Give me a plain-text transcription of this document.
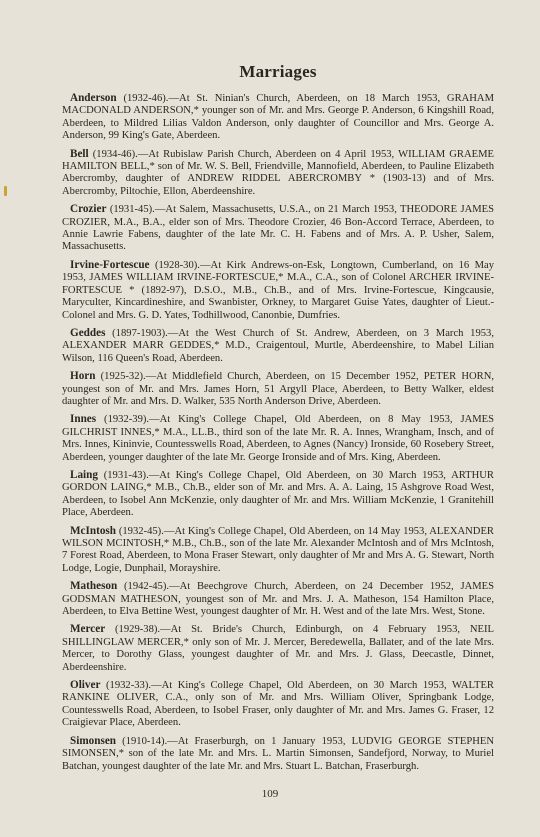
Marriages

Anderson (1932-46).—At St. Ninian's Church, Aberdeen, on 18 March 1953, GRAHAM MACDONALD ANDERSON,* younger son of Mr. and Mrs. George P. Anderson, 6 Kingshill Road, Aberdeen, to Mildred Lilias Valdon Anderson, only daughter of Councillor and Mrs. George A. Anderson, 99 King's Gate, Aberdeen.

Bell (1934-46).—At Rubislaw Parish Church, Aberdeen on 4 April 1953, WILLIAM GRAEME HAMILTON BELL,* son of Mr. W. S. Bell, Friendville, Mannofield, Aberdeen, to Pauline Elizabeth Abercromby, daughter of ANDREW RIDDEL ABERCROMBY * (1903-13) and of Mrs. Abercromby, Piltochie, Ellon, Aberdeenshire.

Crozier (1931-45).—At Salem, Massachusetts, U.S.A., on 21 March 1953, THEODORE JAMES CROZIER, M.A., B.A., elder son of Mrs. Theodore Crozier, 46 Bon-Accord Terrace, Aberdeen, to Annie Lawrie Fabens, daughter of the late Mr. C. H. Fabens and of Mrs. A. P. Usher, Salem, Massachusetts.

Irvine-Fortescue (1928-30).—At Kirk Andrews-on-Esk, Longtown, Cumberland, on 16 May 1953, JAMES WILLIAM IRVINE-FORTESCUE,* M.A., C.A., son of Colonel ARCHER IRVINE-FORTESCUE * (1892-97), D.S.O., M.B., Ch.B., and of Mrs. Irvine-Fortescue, Kingcausie, Maryculter, Kincardineshire, and Swanbister, Orkney, to Margaret Guise Yates, daughter of Lieut.-Colonel and Mrs. G. D. Yates, Todhillwood, Canonbie, Dumfries.

Geddes (1897-1903).—At the West Church of St. Andrew, Aberdeen, on 3 March 1953, ALEXANDER MARR GEDDES,* M.D., Craigentoul, Murtle, Aberdeenshire, to Mabel Lilian Wilson, 116 Queen's Road, Aberdeen.

Horn (1925-32).—At Middlefield Church, Aberdeen, on 15 December 1952, PETER HORN, youngest son of Mr. and Mrs. James Horn, 51 Argyll Place, Aberdeen, to Betty Walker, eldest daughter of Mr. and Mrs. D. Walker, 535 North Anderson Drive, Aberdeen.

Innes (1932-39).—At King's College Chapel, Old Aberdeen, on 8 May 1953, JAMES GILCHRIST INNES,* M.A., LL.B., third son of the late Mr. R. A. Innes, Wrangham, Insch, and of Mrs. Innes, Kininvie, Countesswells Road, Aberdeen, to Agnes (Nancy) Ironside, 60 Rosebery Street, Aberdeen, younger daughter of the late Mr. George Ironside and of Mrs. King, Aberdeen.

Laing (1931-43).—At King's College Chapel, Old Aberdeen, on 30 March 1953, ARTHUR GORDON LAING,* M.B., Ch.B., elder son of Mr. and Mrs. A. A. Laing, 15 Ashgrove Road West, Aberdeen, to Isobel Ann McKenzie, only daughter of Mr. and Mrs. William McKenzie, 1 Granitehill Place, Aberdeen.

McIntosh (1932-45).—At King's College Chapel, Old Aberdeen, on 14 May 1953, ALEXANDER WILSON MCINTOSH,* M.B., Ch.B., son of the late Mr. Alexander McIntosh and of Mrs McIntosh, 7 Forest Road, Aberdeen, to Mona Fraser Stewart, only daughter of Mr and Mrs A. G. Stewart, North Lodge, Logie, Dunphail, Morayshire.

Matheson (1942-45).—At Beechgrove Church, Aberdeen, on 24 December 1952, JAMES GODSMAN MATHESON, youngest son of Mr. and Mrs. J. A. Matheson, 154 Hamilton Place, Aberdeen, to Elva Bettine West, youngest daughter of Mr. H. West and of the late Mrs. West, Stone.

Mercer (1929-38).—At St. Bride's Church, Edinburgh, on 4 February 1953, NEIL SHILLINGLAW MERCER,* only son of Mr. J. Mercer, Beredewella, Ballater, and of the late Mrs. Mercer, to Dorothy Glass, youngest daughter of Mr. and Mrs. J. Glass, Deecastle, Dinnet, Aberdeenshire.

Oliver (1932-33).—At King's College Chapel, Old Aberdeen, on 30 March 1953, WALTER RANKINE OLIVER, C.A., only son of Mr. and Mrs. William Oliver, Springbank Lodge, Countesswells Road, Aberdeen, to Isobel Fraser, only daughter of Mr. and Mrs. James G. Fraser, 12 Craigievar Place, Aberdeen.

Simonsen (1910-14).—At Fraserburgh, on 1 January 1953, LUDVIG GEORGE STEPHEN SIMONSEN,* son of the late Mr. and Mrs. L. Martin Simonsen, Sandefjord, Norway, to Muriel Batchan, youngest daughter of the late Mr. and Mrs. Stuart L. Batchan, Fraserburgh.

109
